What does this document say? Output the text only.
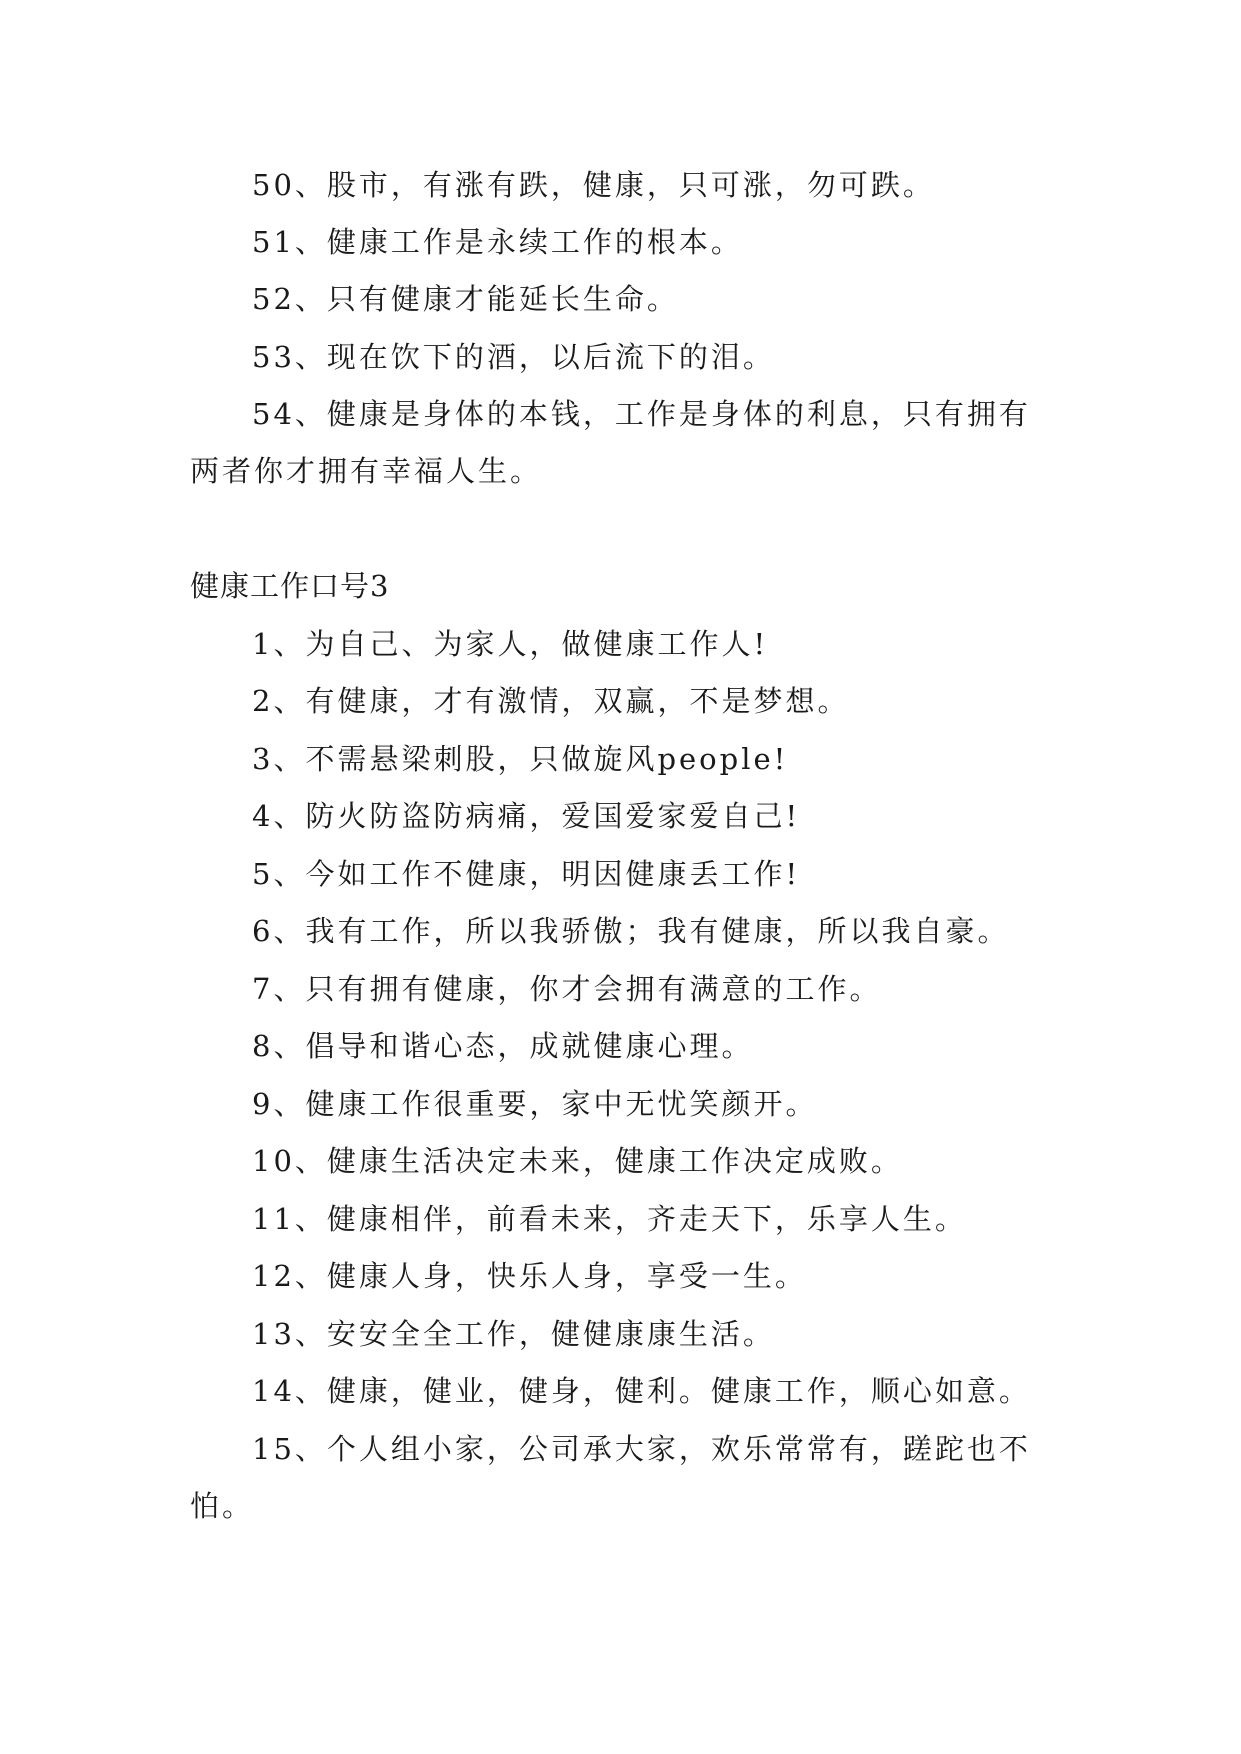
50、股市，有涨有跌，健康，只可涨，勿可跌。

51、健康工作是永续工作的根本。

52、只有健康才能延长生命。

53、现在饮下的酒，以后流下的泪。

54、健康是身体的本钱，工作是身体的利息，只有拥有

两者你才拥有幸福人生。

健康工作口号3

1、为自己、为家人，做健康工作人!

2、有健康，才有激情，双赢，不是梦想。

3、不需悬梁刺股，只做旋风people!

4、防火防盗防病痛，爱国爱家爱自己!

5、今如工作不健康，明因健康丢工作!

6、我有工作，所以我骄傲；我有健康，所以我自豪。

7、只有拥有健康，你才会拥有满意的工作。

8、倡导和谐心态，成就健康心理。

9、健康工作很重要，家中无忧笑颜开。

10、健康生活决定未来，健康工作决定成败。

11、健康相伴，前看未来，齐走天下，乐享人生。

12、健康人身，快乐人身，享受一生。

13、安安全全工作，健健康康生活。

14、健康，健业，健身，健利。健康工作，顺心如意。

15、个人组小家，公司承大家，欢乐常常有，蹉跎也不

怕。
